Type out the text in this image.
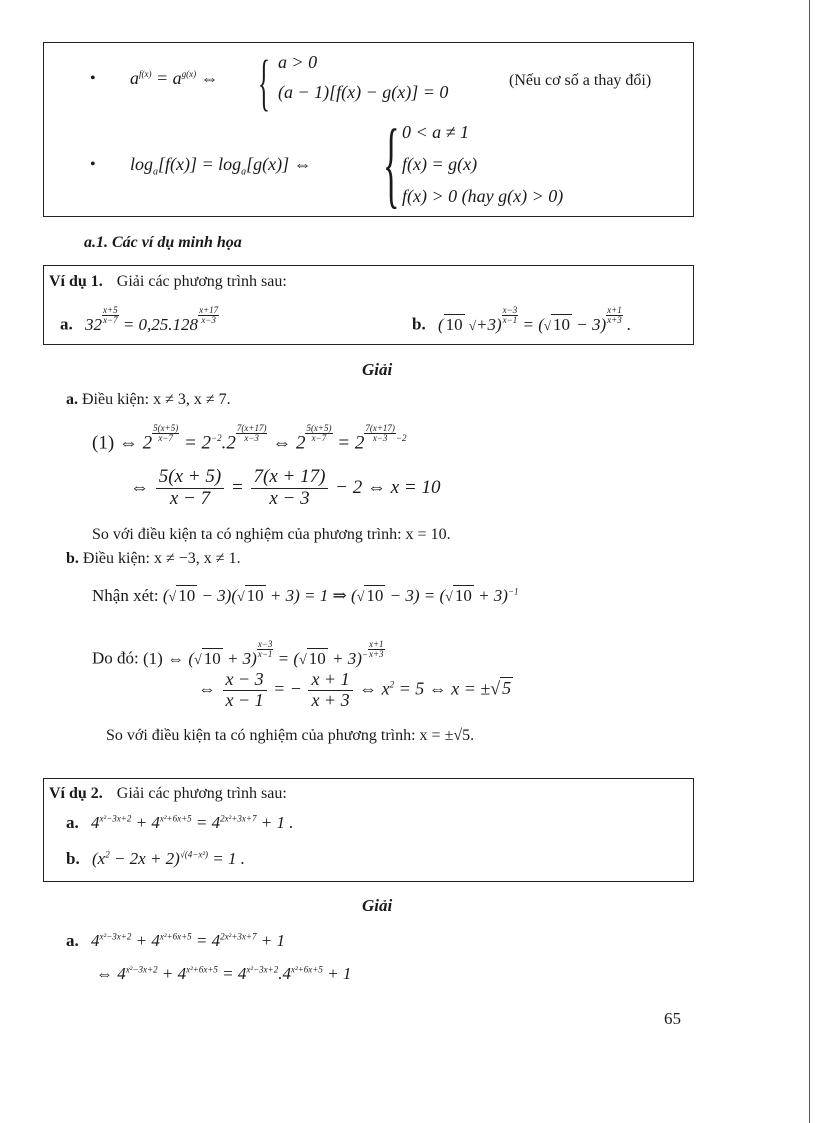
• $a^{f(x)} = a^{g(x)}$ ⇔ { a > 0
(a − 1)[f(x) − g(x)] = 0
(Nếu cơ số a thay đổi)
• $\log_a[f(x)] = \log_a[g(x)]$ ⇔ { 0 < a ≠ 1
f(x) = g(x)
f(x) > 0 (hay g(x) > 0)
a.1. Các ví dụ minh họa
Ví dụ 1. Giải các phương trình sau:
a. $32 \frac{x+5}{x-7} = 0,25.128 \frac{x+17}{x-3}$	b. ( 10 $√+3) \frac{x-3}{x-1}$ = (√ $10 - 3) \frac{x+1}{x+3}$ .
Giải
a. Điều kiện: x ≠ 3, x ≠ 7.
(1) ⇔ $2 \frac{5(x+5)}{x-7} = 2^{-2}.2 \frac{7(x+17)}{x-3}$ ⇔ $2 \frac{5(x+5)}{x-7} = 2 \frac{7(x+17)}{x-3} ^{-2}$
⇔ $\frac{5(x + 5)}{x - 7} = \frac{7(x + 17)}{x - 3} - 2$ ⇔ x = 10
So với điều kiện ta có nghiệm của phương trình: x = 10.
b. Điều kiện: x ≠ −3, x ≠ 1.
Nhận xét: (√ 10 − 3)(√ 10 + 3) = 1 ⇒ (√ 10 − 3) = (√ 10 + 3)$^{-1}$
Do đó: (1) ⇔ (√ $10 + 3) \frac{x-3}{x-1}$ = (√ $10 + 3)^- \frac{x+1}{x+3}$
⇔ $\frac{x - 3}{x - 1}$ = − $\frac{x + 1}{x + 3}$ ⇔ $x^2 = 5$ ⇔ x = ±√ 5
So với điều kiện ta có nghiệm của phương trình: x = ±√5.
Ví dụ 2. Giải các phương trình sau:
a. $4^{x^2-3x+2} + 4^{x^2+6x+5} = 4^{2x^2+3x+7} + 1$ .
b. $(x^2 - 2x + 2)^{√(4-x^2)} = 1$ .
Giải
a. $4^{x^2-3x+2} + 4^{x^2+6x+5} = 4^{2x^2+3x+7} + 1$
⇔ $4^{x^2-3x+2} + 4^{x^2+6x+5} = 4^{x^2-3x+2}.4^{x^2+6x+5} + 1$
65
